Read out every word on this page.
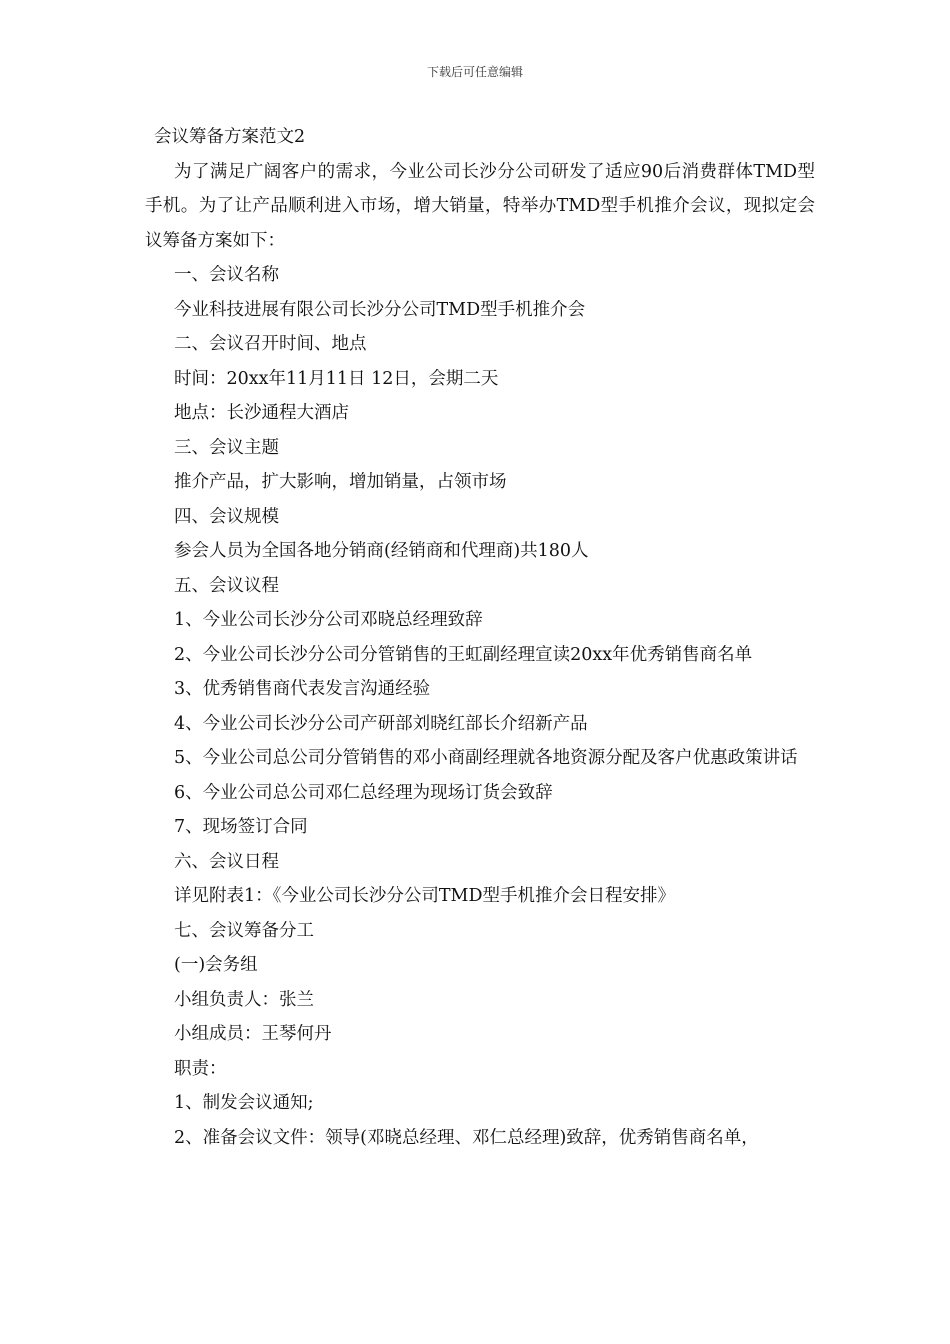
下载后可任意编辑
会议筹备方案范文2
为了满足广阔客户的需求，今业公司长沙分公司研发了适应90后消费群体TMD型手机。为了让产品顺利进入市场，增大销量，特举办TMD型手机推介会议，现拟定会议筹备方案如下：
一、会议名称
今业科技进展有限公司长沙分公司TMD型手机推介会
二、会议召开时间、地点
时间：20xx年11月11日 12日，会期二天
地点：长沙通程大酒店
三、会议主题
推介产品，扩大影响，增加销量，占领市场
四、会议规模
参会人员为全国各地分销商(经销商和代理商)共180人
五、会议议程
1、今业公司长沙分公司邓晓总经理致辞
2、今业公司长沙分公司分管销售的王虹副经理宣读20xx年优秀销售商名单
3、优秀销售商代表发言沟通经验
4、今业公司长沙分公司产研部刘晓红部长介绍新产品
5、今业公司总公司分管销售的邓小商副经理就各地资源分配及客户优惠政策讲话
6、今业公司总公司邓仁总经理为现场订货会致辞
7、现场签订合同
六、会议日程
详见附表1：《今业公司长沙分公司TMD型手机推介会日程安排》
七、会议筹备分工
(一)会务组
小组负责人：张兰
小组成员：王琴何丹
职责：
1、制发会议通知;
2、准备会议文件：领导(邓晓总经理、邓仁总经理)致辞，优秀销售商名单，
